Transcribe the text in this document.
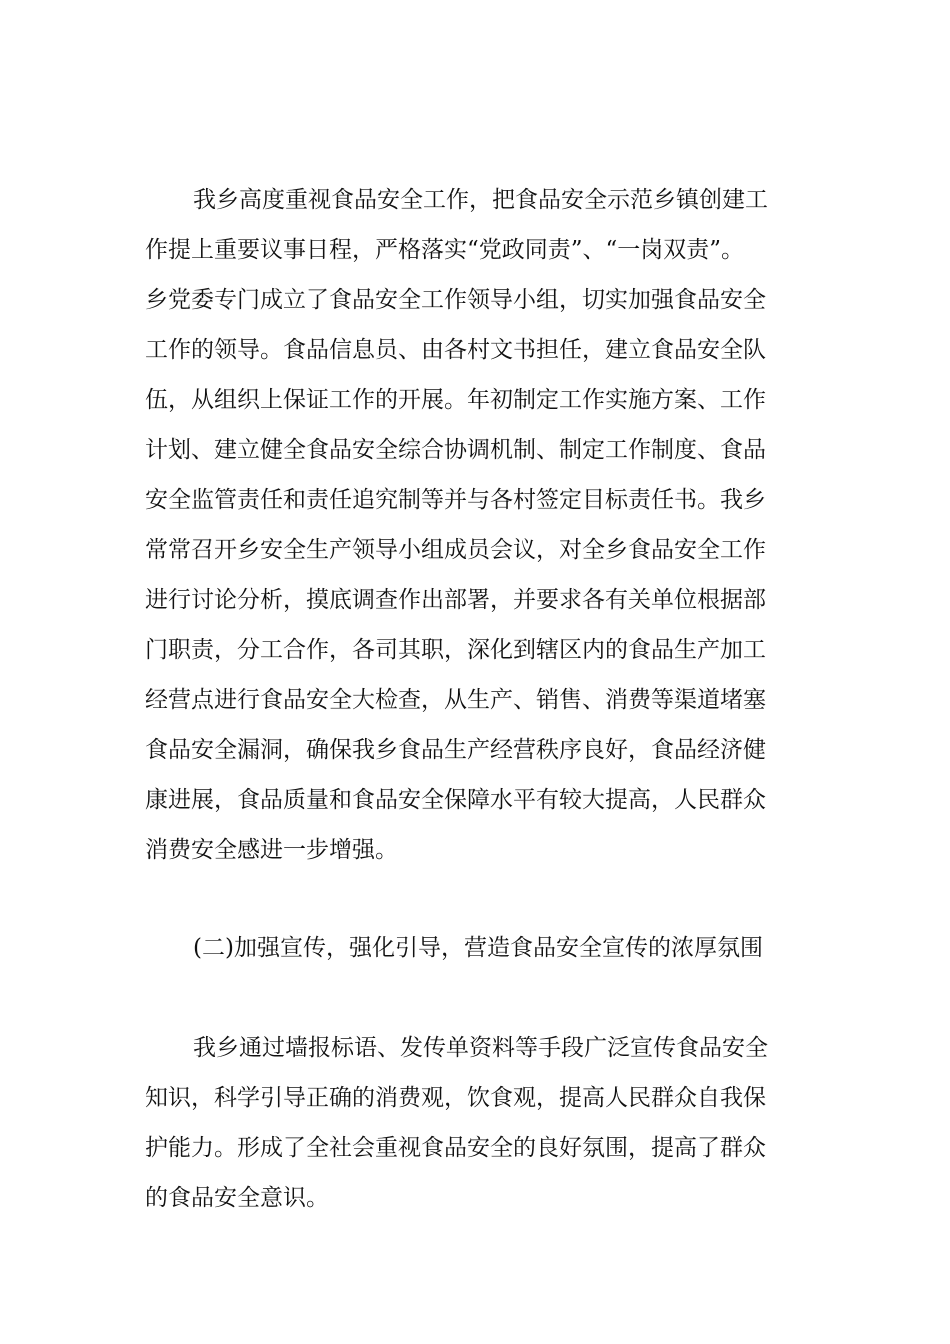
我乡高度重视食品安全工作，把食品安全示范乡镇创建工
作提上重要议事日程，严格落实“党政同责”、“一岗双责”。
乡党委专门成立了食品安全工作领导小组，切实加强食品安全
工作的领导。食品信息员、由各村文书担任，建立食品安全队
伍，从组织上保证工作的开展。年初制定工作实施方案、工作
计划、建立健全食品安全综合协调机制、制定工作制度、食品
安全监管责任和责任追究制等并与各村签定目标责任书。我乡
常常召开乡安全生产领导小组成员会议，对全乡食品安全工作
进行讨论分析，摸底调查作出部署，并要求各有关单位根据部
门职责，分工合作，各司其职，深化到辖区内的食品生产加工
经营点进行食品安全大检查，从生产、销售、消费等渠道堵塞
食品安全漏洞，确保我乡食品生产经营秩序良好，食品经济健
康进展，食品质量和食品安全保障水平有较大提高，人民群众
消费安全感进一步增强。
(二)加强宣传，强化引导，营造食品安全宣传的浓厚氛围
我乡通过墙报标语、发传单资料等手段广泛宣传食品安全
知识，科学引导正确的消费观，饮食观，提高人民群众自我保
护能力。形成了全社会重视食品安全的良好氛围，提高了群众
的食品安全意识。
